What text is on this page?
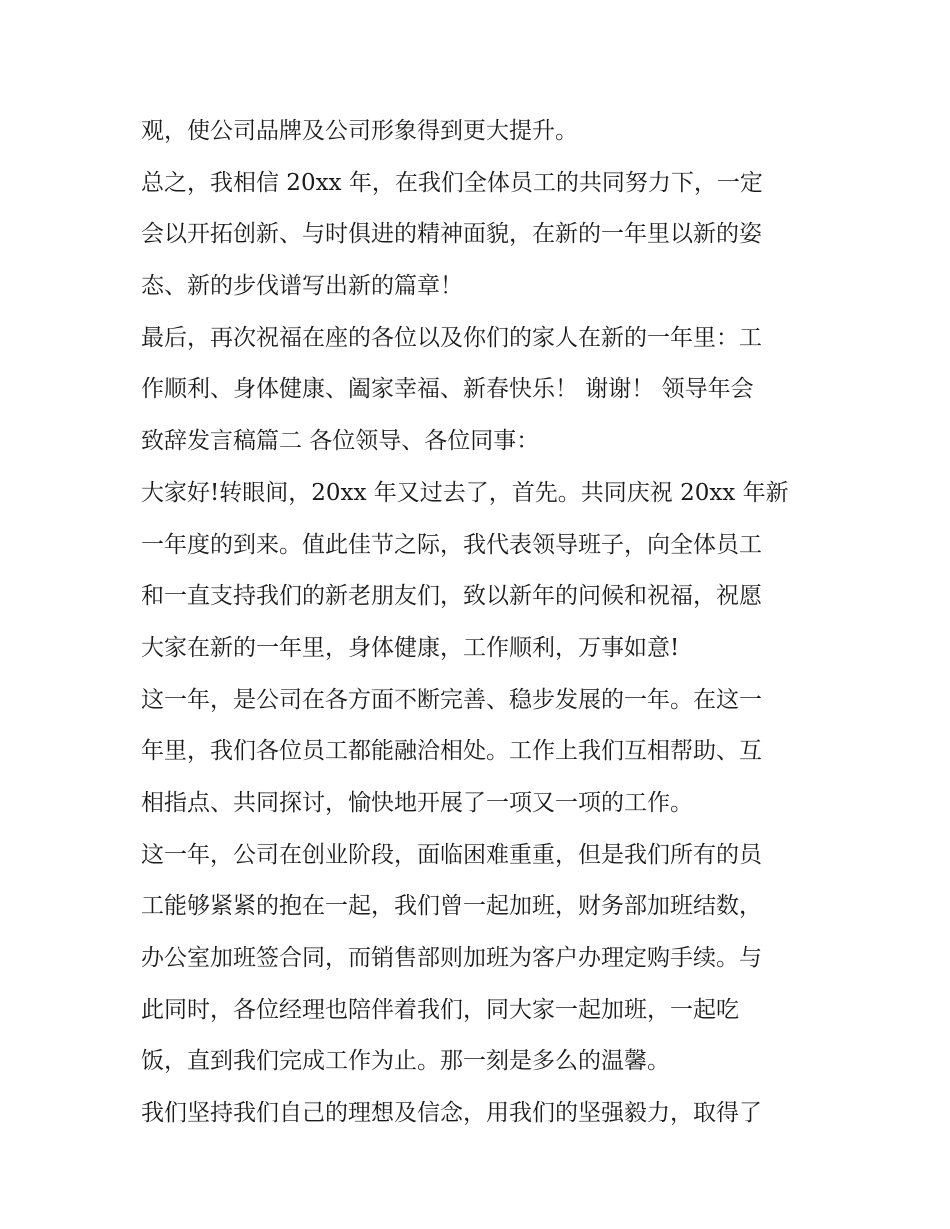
观，使公司品牌及公司形象得到更大提升。
总之，我相信 20xx 年，在我们全体员工的共同努力下，一定
会以开拓创新、与时俱进的精神面貌，在新的一年里以新的姿
态、新的步伐谱写出新的篇章！
最后，再次祝福在座的各位以及你们的家人在新的一年里：工
作顺利、身体健康、阖家幸福、新春快乐！ 谢谢！ 领导年会
致辞发言稿篇二 各位领导、各位同事：
大家好!转眼间，20xx 年又过去了，首先。共同庆祝 20xx 年新
一年度的到来。值此佳节之际，我代表领导班子，向全体员工
和一直支持我们的新老朋友们，致以新年的问候和祝福，祝愿
大家在新的一年里，身体健康，工作顺利，万事如意!
这一年，是公司在各方面不断完善、稳步发展的一年。在这一
年里，我们各位员工都能融洽相处。工作上我们互相帮助、互
相指点、共同探讨，愉快地开展了一项又一项的工作。
这一年，公司在创业阶段，面临困难重重，但是我们所有的员
工能够紧紧的抱在一起，我们曾一起加班，财务部加班结数，
办公室加班签合同，而销售部则加班为客户办理定购手续。与
此同时，各位经理也陪伴着我们，同大家一起加班，一起吃
饭，直到我们完成工作为止。那一刻是多么的温馨。
我们坚持我们自己的理想及信念，用我们的坚强毅力，取得了
